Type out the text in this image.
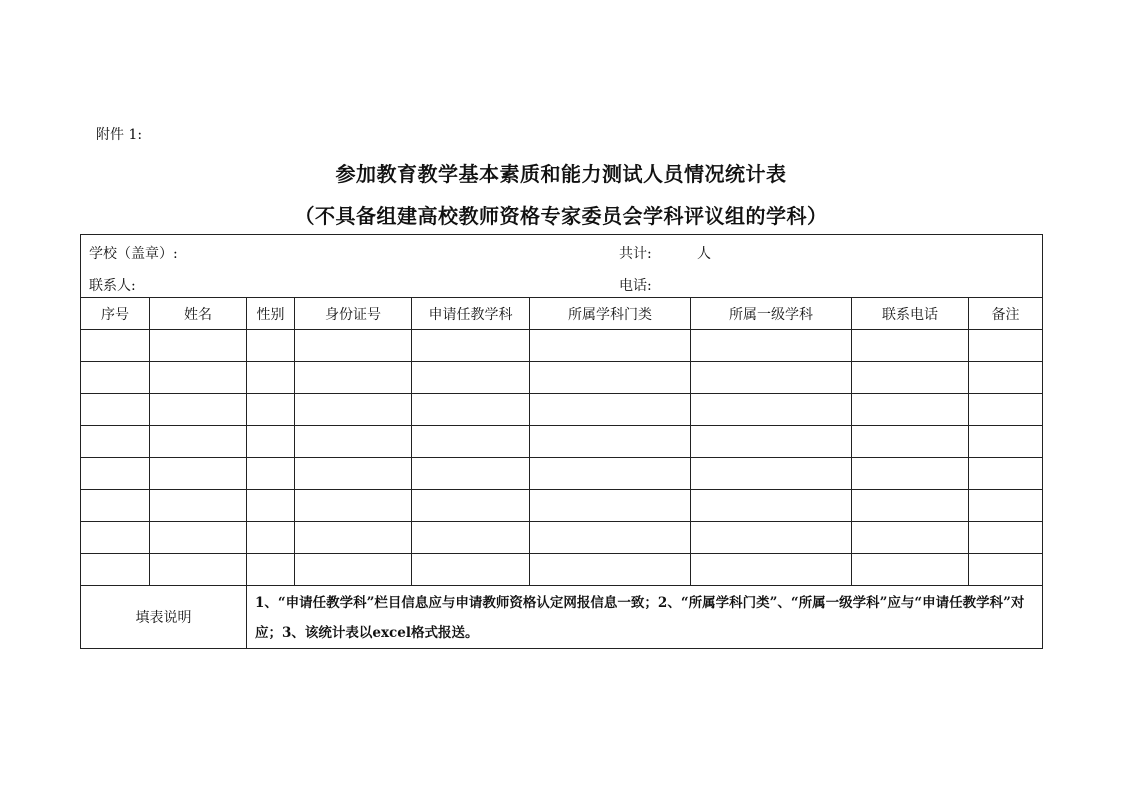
附件 1:
参加教育教学基本素质和能力测试人员情况统计表
（不具备组建高校教师资格专家委员会学科评议组的学科）
学校（盖章）: 共计: 人
联系人: 电话:								

序号	姓名	性别	身份证号	申请任教学科	所属学科门类	所属一级学科	联系电话	备注

填表说明		1、“申请任教学科”栏目信息应与申请教师资格认定网报信息一致；2、“所属学科门类”、“所属一级学科”应与“申请任教学科”对应；3、该统计表以excel格式报送。						
